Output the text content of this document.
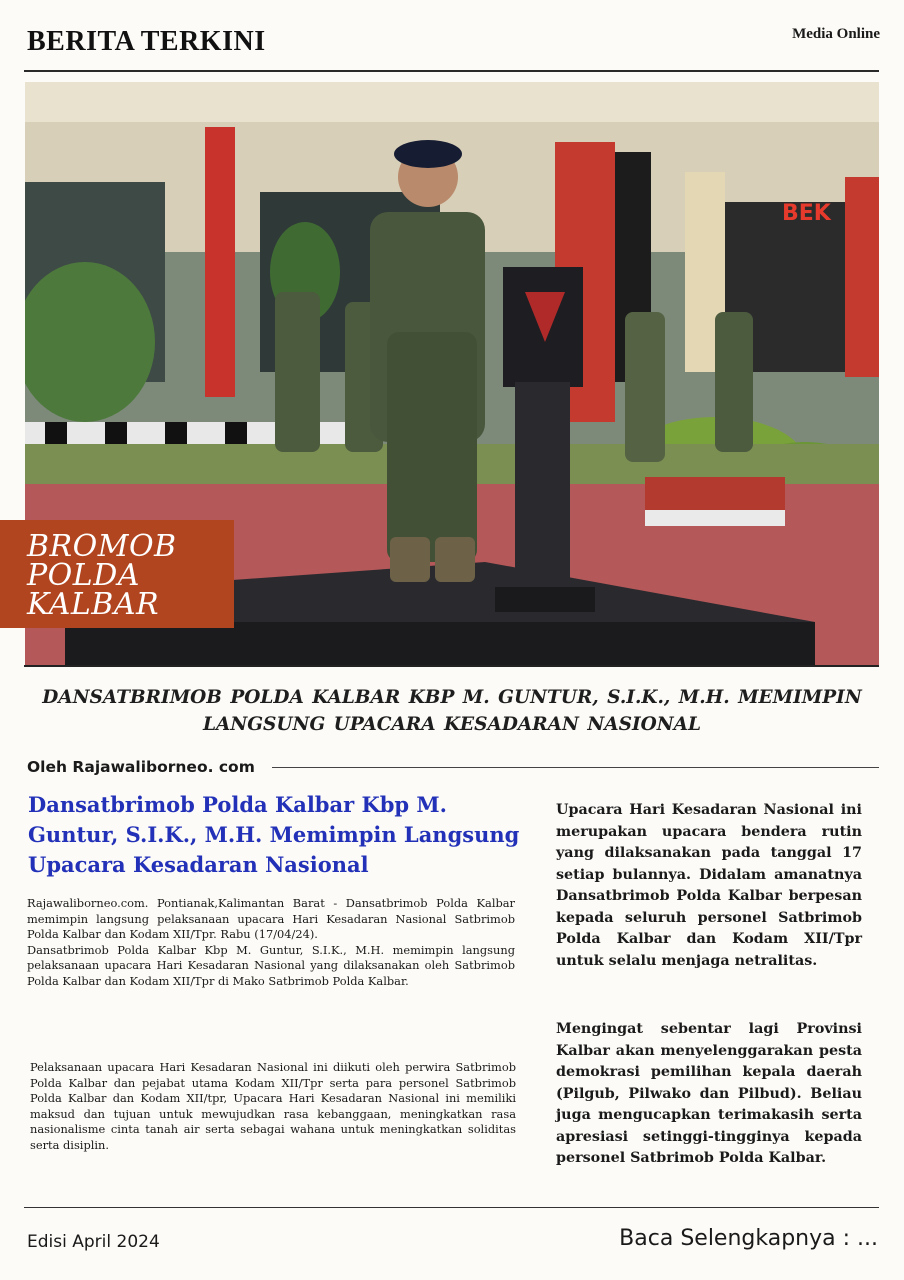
BERITA TERKINI	Media Online
BEK
BROMOB
POLDA
KALBAR
DANSATBRIMOB POLDA KALBAR KBP M. GUNTUR, S.I.K., M.H. MEMIMPIN
LANGSUNG UPACARA KESADARAN NASIONAL
Oleh Rajawaliborneo. com
Dansatbrimob Polda Kalbar Kbp M. Guntur, S.I.K., M.H. Memimpin Langsung Upacara Kesadaran Nasional

Rajawaliborneo.com. Pontianak,Kalimantan Barat - Dansatbrimob Polda Kalbar memimpin langsung pelaksanaan upacara Hari Kesadaran Nasional Satbrimob Polda Kalbar dan Kodam XII/Tpr. Rabu (17/04/24).
Dansatbrimob Polda Kalbar Kbp M. Guntur, S.I.K., M.H. memimpin langsung pelaksanaan upacara Hari Kesadaran Nasional yang dilaksanakan oleh Satbrimob Polda Kalbar dan Kodam XII/Tpr di Mako Satbrimob Polda Kalbar.

Pelaksanaan upacara Hari Kesadaran Nasional ini diikuti oleh perwira Satbrimob Polda Kalbar dan pejabat utama Kodam XII/Tpr serta para personel Satbrimob Polda Kalbar dan Kodam XII/tpr, Upacara Hari Kesadaran Nasional ini memiliki maksud dan tujuan untuk mewujudkan rasa kebanggaan, meningkatkan rasa nasionalisme cinta tanah air serta sebagai wahana untuk meningkatkan soliditas serta disiplin.

Upacara Hari Kesadaran Nasional ini merupakan upacara bendera rutin yang dilaksanakan pada tanggal 17 setiap bulannya. Didalam amanatnya Dansatbrimob Polda Kalbar berpesan kepada seluruh personel Satbrimob Polda Kalbar dan Kodam XII/Tpr untuk selalu menjaga netralitas.

Mengingat sebentar lagi Provinsi Kalbar akan menyelenggarakan pesta demokrasi pemilihan kepala daerah (Pilgub, Pilwako dan Pilbud). Beliau juga mengucapkan terimakasih serta apresiasi setinggi-tingginya kepada personel Satbrimob Polda Kalbar.

Edisi April 2024	Baca Selengkapnya : ...
